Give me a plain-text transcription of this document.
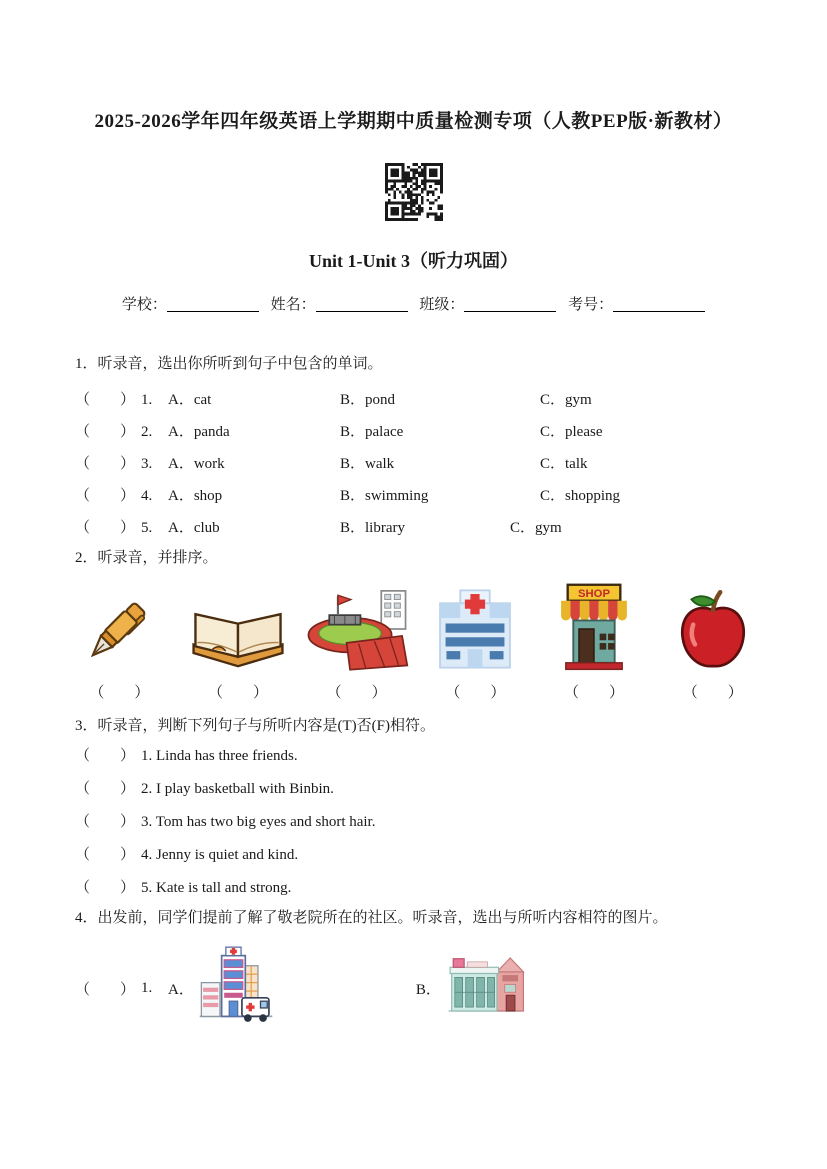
2025-2026学年四年级英语上学期期中质量检测专项（人教PEP版·新教材）
Unit 1-Unit 3（听力巩固）
学校：	姓名：	班级：	考号：
1．听录音，选出你所听到句子中包含的单词。
（　　） 1.	A．cat	B．pond	C．gym
（　　） 2.	A．panda	B．palace	C．please
（　　） 3.	A．work	B．walk	C．talk
（　　） 4.	A．shop	B．swimming	C．shopping
（　　） 5.	A．club	B．library	C．gym
2．听录音，并排序。
SHOP
（　　）	（　　）	（　　）	（　　）	（　　）	（　　）
3．听录音，判断下列句子与所听内容是(T)否(F)相符。
（　　） 1. Linda has three friends.
（　　） 2. I play basketball with Binbin.
（　　） 3. Tom has two big eyes and short hair.
（　　） 4. Jenny is quiet and kind.
（　　） 5. Kate is tall and strong.
4．出发前，同学们提前了解了敬老院所在的社区。听录音，选出与所听内容相符的图片。
（　　） 1.	A．	B．
